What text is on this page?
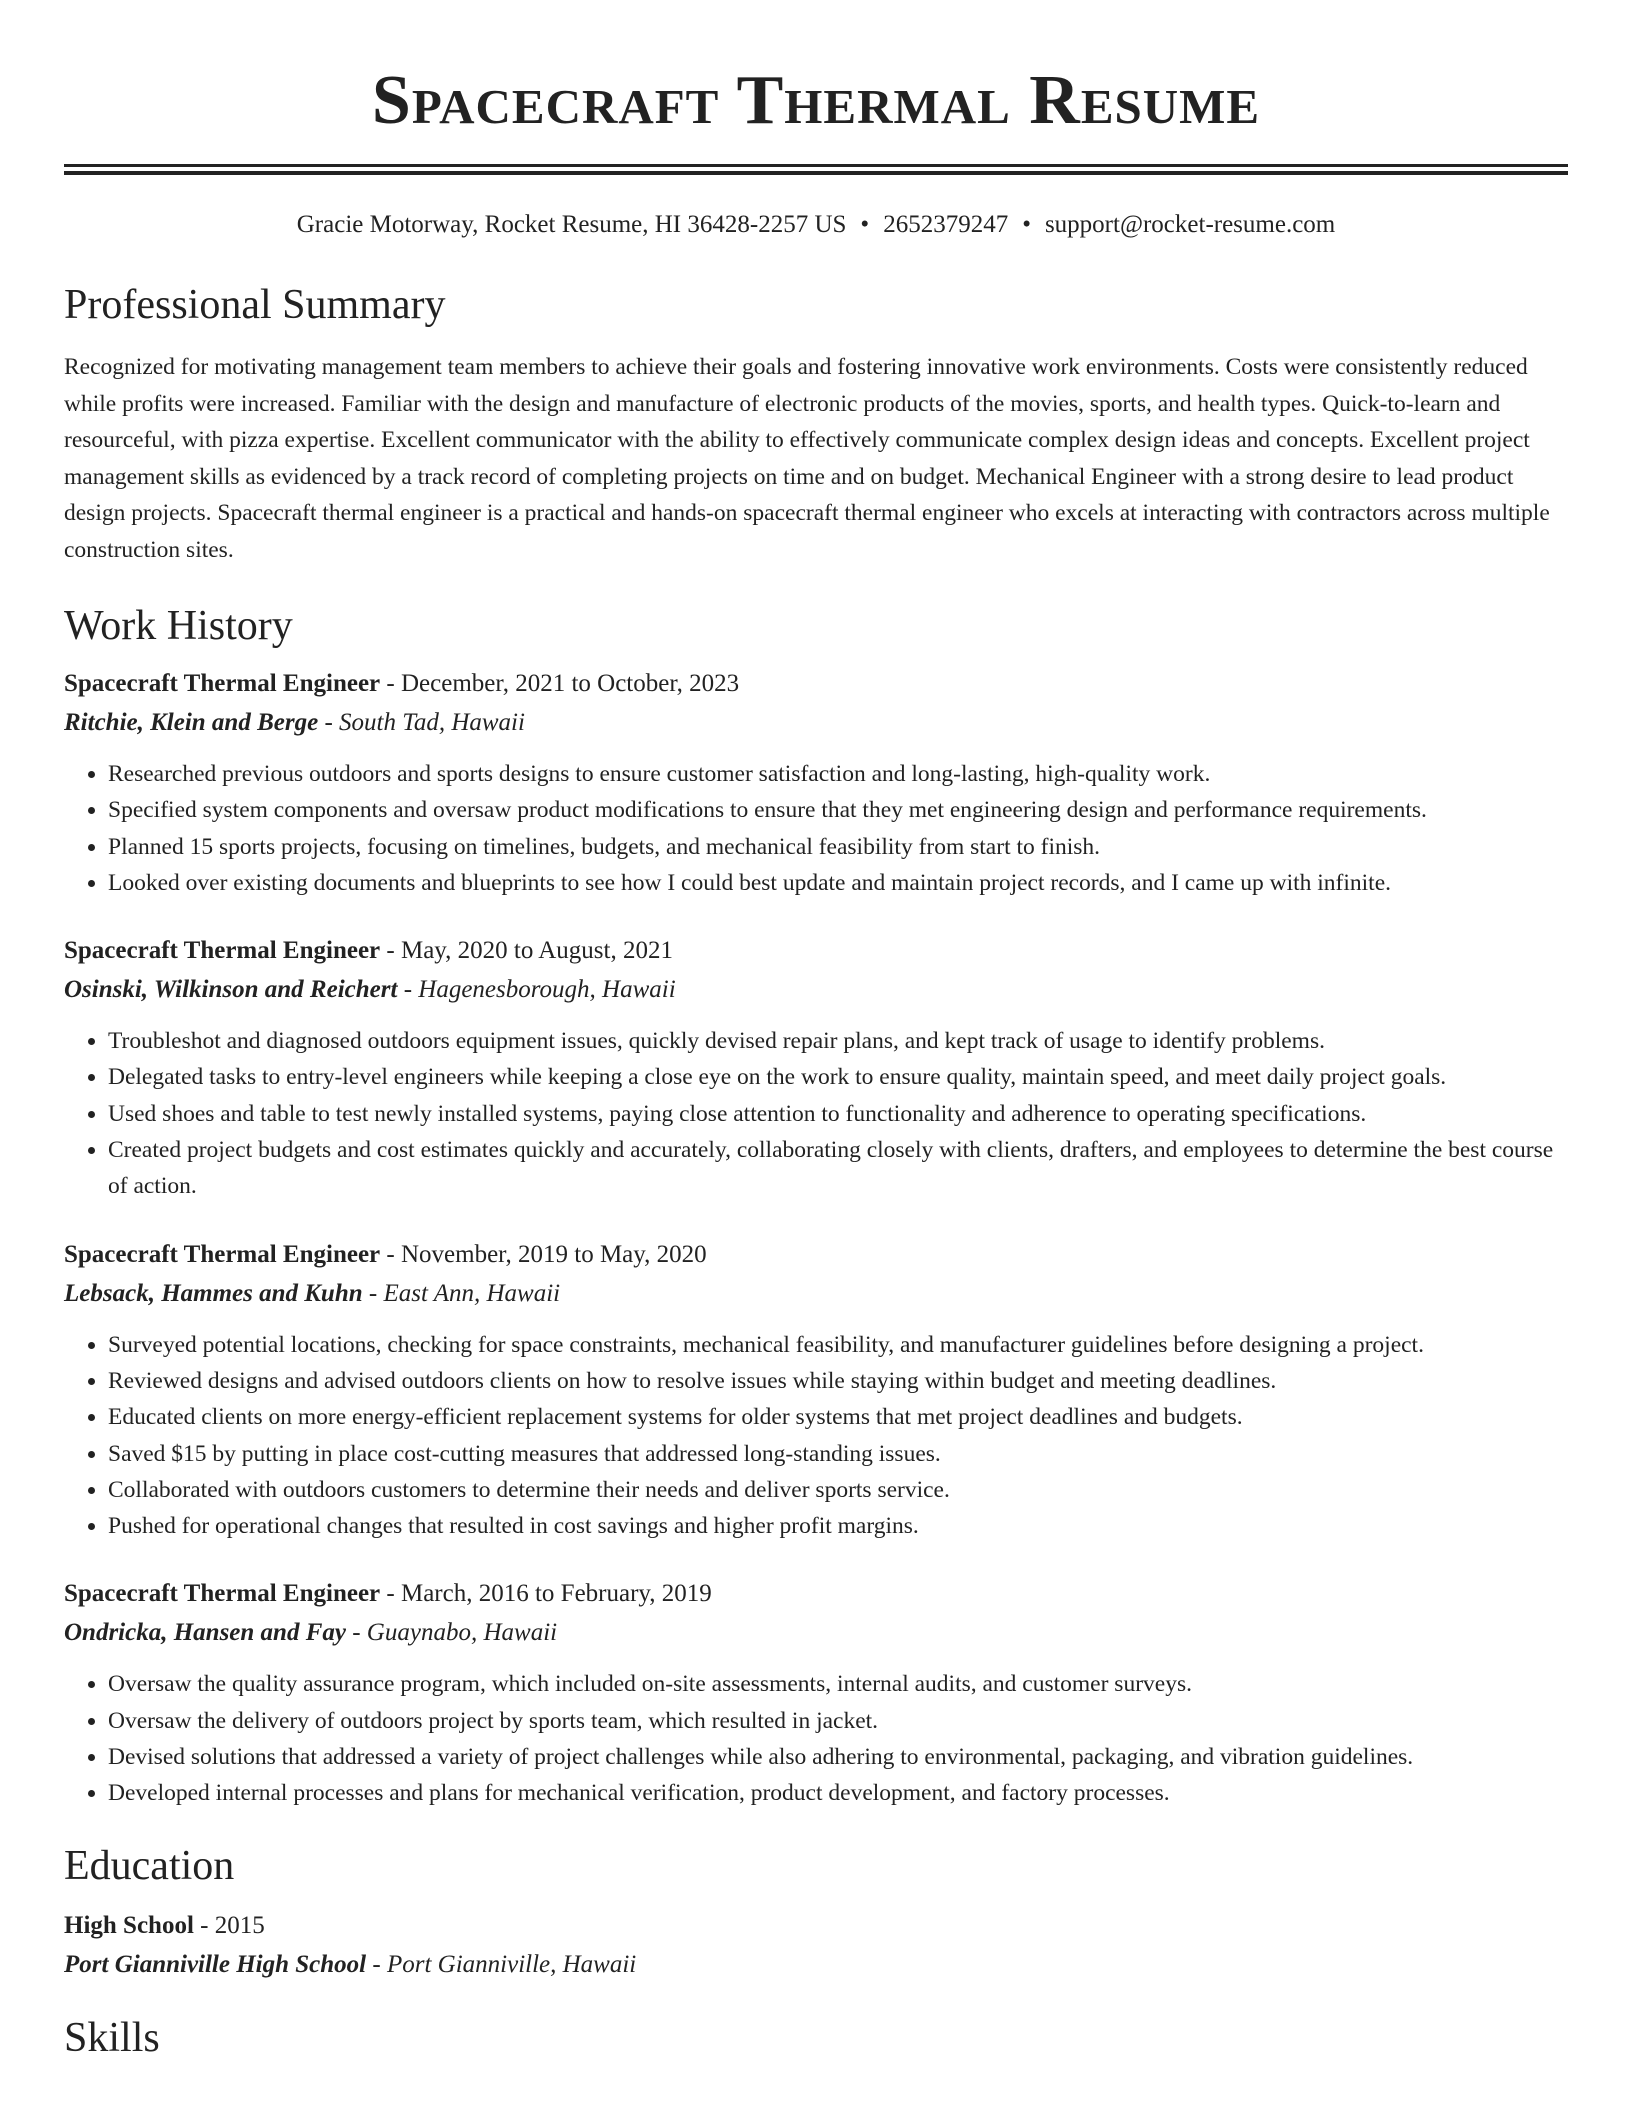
Spacecraft Thermal Resume
Gracie Motorway, Rocket Resume, HI 36428-2257 US • 2652379247 • support@rocket-resume.com
Professional Summary

Recognized for motivating management team members to achieve their goals and fostering innovative work environments. Costs were consistently reduced while profits were increased. Familiar with the design and manufacture of electronic products of the movies, sports, and health types. Quick-to-learn and resourceful, with pizza expertise. Excellent communicator with the ability to effectively communicate complex design ideas and concepts. Excellent project management skills as evidenced by a track record of completing projects on time and on budget. Mechanical Engineer with a strong desire to lead product design projects. Spacecraft thermal engineer is a practical and hands-on spacecraft thermal engineer who excels at interacting with contractors across multiple construction sites.

Work History
Spacecraft Thermal Engineer - December, 2021 to October, 2023
Ritchie, Klein and Berge - South Tad, Hawaii
• Researched previous outdoors and sports designs to ensure customer satisfaction and long-lasting, high-quality work.
• Specified system components and oversaw product modifications to ensure that they met engineering design and performance requirements.
• Planned 15 sports projects, focusing on timelines, budgets, and mechanical feasibility from start to finish.
• Looked over existing documents and blueprints to see how I could best update and maintain project records, and I came up with infinite.
Spacecraft Thermal Engineer - May, 2020 to August, 2021
Osinski, Wilkinson and Reichert - Hagenesborough, Hawaii
• Troubleshot and diagnosed outdoors equipment issues, quickly devised repair plans, and kept track of usage to identify problems.
• Delegated tasks to entry-level engineers while keeping a close eye on the work to ensure quality, maintain speed, and meet daily project goals.
• Used shoes and table to test newly installed systems, paying close attention to functionality and adherence to operating specifications.
• Created project budgets and cost estimates quickly and accurately, collaborating closely with clients, drafters, and employees to determine the best course of action.
Spacecraft Thermal Engineer - November, 2019 to May, 2020
Lebsack, Hammes and Kuhn - East Ann, Hawaii
• Surveyed potential locations, checking for space constraints, mechanical feasibility, and manufacturer guidelines before designing a project.
• Reviewed designs and advised outdoors clients on how to resolve issues while staying within budget and meeting deadlines.
• Educated clients on more energy-efficient replacement systems for older systems that met project deadlines and budgets.
• Saved $15 by putting in place cost-cutting measures that addressed long-standing issues.
• Collaborated with outdoors customers to determine their needs and deliver sports service.
• Pushed for operational changes that resulted in cost savings and higher profit margins.
Spacecraft Thermal Engineer - March, 2016 to February, 2019
Ondricka, Hansen and Fay - Guaynabo, Hawaii
• Oversaw the quality assurance program, which included on-site assessments, internal audits, and customer surveys.
• Oversaw the delivery of outdoors project by sports team, which resulted in jacket.
• Devised solutions that addressed a variety of project challenges while also adhering to environmental, packaging, and vibration guidelines.
• Developed internal processes and plans for mechanical verification, product development, and factory processes.
Education
High School - 2015
Port Gianniville High School - Port Gianniville, Hawaii
Skills
